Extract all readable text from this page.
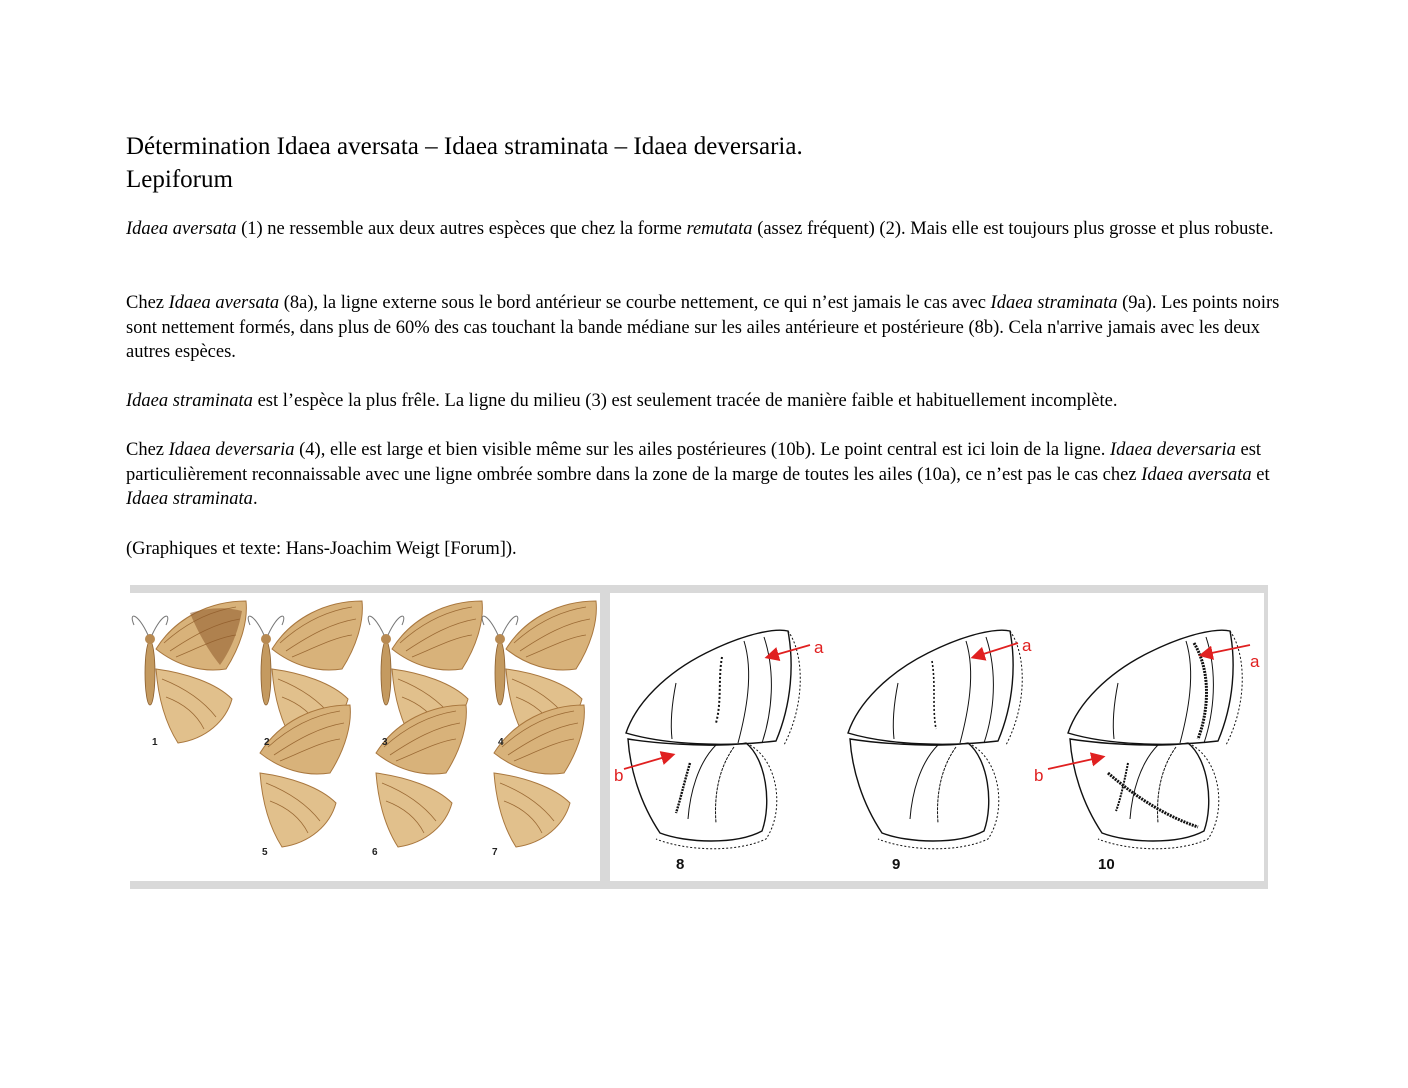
Détermination Idaea aversata – Idaea straminata – Idaea deversaria.
Lepiforum
Idaea aversata (1) ne ressemble aux deux autres espèces que chez la forme remutata (assez fréquent) (2). Mais elle est toujours plus grosse et plus robuste.
Chez Idaea aversata (8a), la ligne externe sous le bord antérieur se courbe nettement, ce qui n’est jamais le cas avec Idaea straminata (9a). Les points noirs sont nettement formés, dans plus de 60% des cas touchant la bande médiane sur les ailes antérieure et postérieure (8b). Cela n'arrive jamais avec les deux autres espèces.
Idaea straminata est l’espèce la plus frêle. La ligne du milieu (3) est seulement tracée de manière faible et habituellement incomplète.
Chez Idaea deversaria (4), elle est large et bien visible même sur les ailes postérieures (10b). Le point central est ici loin de la ligne. Idaea deversaria est particulièrement reconnaissable avec une ligne ombrée sombre dans la zone de la marge de toutes les ailes (10a), ce n’est pas le cas chez Idaea aversata et Idaea straminata.
(Graphiques et texte: Hans-Joachim Weigt [Forum]).
1	2	3	4
5	6	7
a
b
a
a
b
8	9	10
